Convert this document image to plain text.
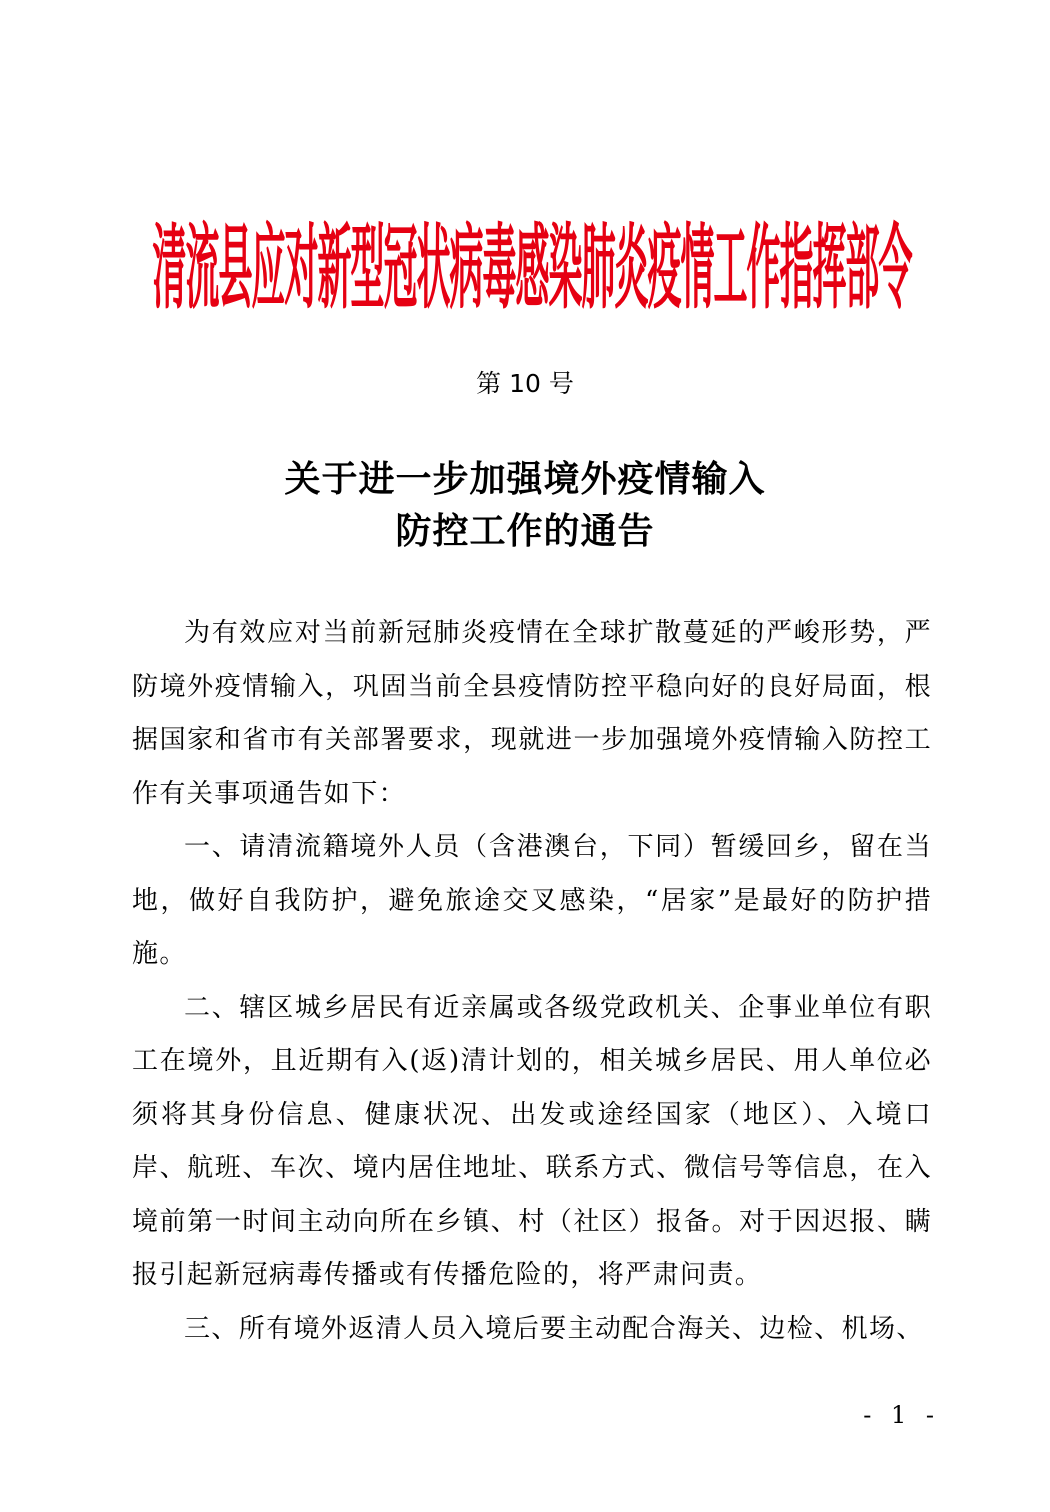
清流县应对新型冠状病毒感染肺炎疫情工作指挥部令
第 10 号
关于进一步加强境外疫情输入
防控工作的通告

为有效应对当前新冠肺炎疫情在全球扩散蔓延的严峻形势，严防境外疫情输入，巩固当前全县疫情防控平稳向好的良好局面，根据国家和省市有关部署要求，现就进一步加强境外疫情输入防控工作有关事项通告如下：

一、请清流籍境外人员（含港澳台，下同）暂缓回乡，留在当地，做好自我防护，避免旅途交叉感染，“居家”是最好的防护措施。

二、辖区城乡居民有近亲属或各级党政机关、企事业单位有职工在境外，且近期有入(返)清计划的，相关城乡居民、用人单位必须将其身份信息、健康状况、出发或途经国家（地区）、入境口岸、航班、车次、境内居住地址、联系方式、微信号等信息，在入境前第一时间主动向所在乡镇、村（社区）报备。对于因迟报、瞒报引起新冠病毒传播或有传播危险的，将严肃问责。

三、所有境外返清人员入境后要主动配合海关、边检、机场、

- 1 -
